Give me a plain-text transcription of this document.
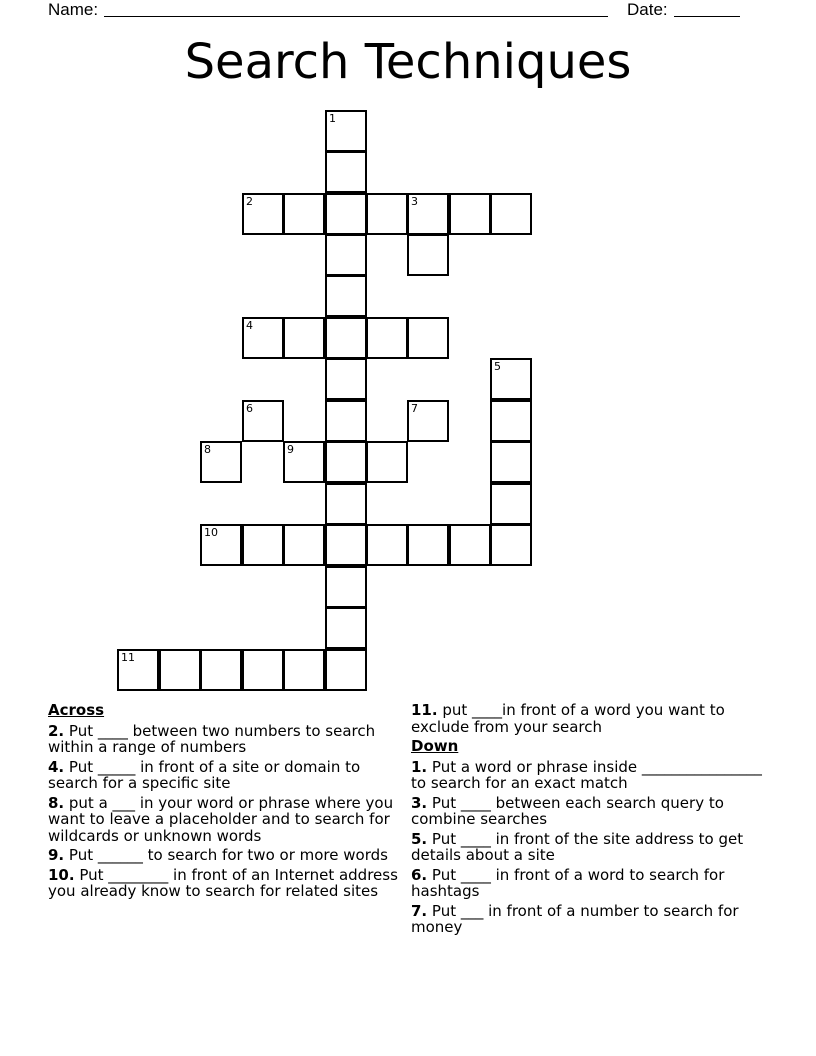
Name:	Date:
Search Techniques
1
2	3
4
5
6	7
8	9
10
11
Across
2. Put ____ between two numbers to search within a range of numbers
4. Put _____ in front of a site or domain to search for a specific site
8. put a ___ in your word or phrase where you want to leave a placeholder and to search for wildcards or unknown words
9. Put ______ to search for two or more words
10. Put ________ in front of an Internet address you already know to search for related sites
11. put ____in front of a word you want to exclude from your search
Down
1. Put a word or phrase inside ________________ to search for an exact match
3. Put ____ between each search query to combine searches
5. Put ____ in front of the site address to get details about a site
6. Put ____ in front of a word to search for hashtags
7. Put ___ in front of a number to search for money
